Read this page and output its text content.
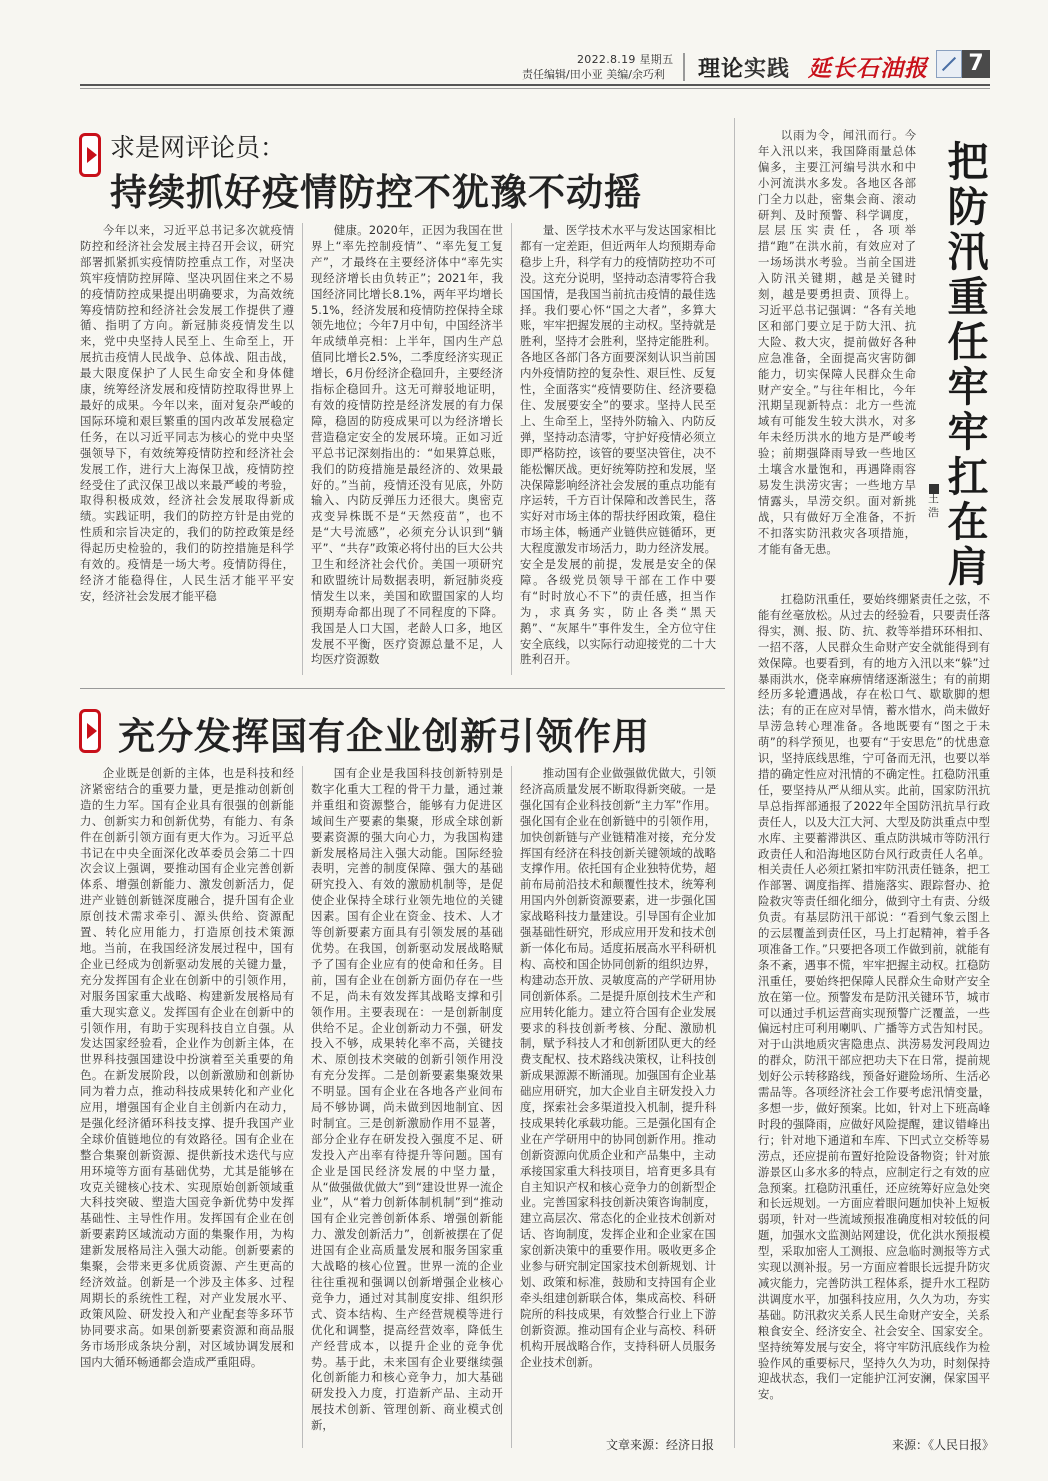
2022.8.19 星期五
责任编辑/田小亚 美编/余巧利 理论实践 延长石油报 7
求是网评论员：
持续抓好疫情防控不犹豫不动摇

今年以来，习近平总书记多次就疫情防控和经济社会发展主持召开会议，研究部署抓紧抓实疫情防控重点工作，对坚决筑牢疫情防控屏障、坚决巩固住来之不易的疫情防控成果提出明确要求，为高效统筹疫情防控和经济社会发展工作提供了遵循、指明了方向。新冠肺炎疫情发生以来，党中央坚持人民至上、生命至上，开展抗击疫情人民战争、总体战、阻击战，最大限度保护了人民生命安全和身体健康，统筹经济发展和疫情防控取得世界上最好的成果。今年以来，面对复杂严峻的国际环境和艰巨繁重的国内改革发展稳定任务，在以习近平同志为核心的党中央坚强领导下，有效统筹疫情防控和经济社会发展工作，进行大上海保卫战，疫情防控经受住了武汉保卫战以来最严峻的考验，取得积极成效，经济社会发展取得新成绩。实践证明，我们的防控方针是由党的性质和宗旨决定的，我们的防控政策是经得起历史检验的，我们的防控措施是科学有效的。疫情是一场大考。疫情防得住，经济才能稳得住，人民生活才能平平安安，经济社会发展才能平稳

健康。2020年，正因为我国在世界上“率先控制疫情”、“率先复工复产”，才最终在主要经济体中“率先实现经济增长由负转正”；2021年，我国经济同比增长8.1%，两年平均增长5.1%，经济发展和疫情防控保持全球领先地位；今年7月中旬，中国经济半年成绩单亮相：上半年，国内生产总值同比增长2.5%，二季度经济实现正增长，6月份经济企稳回升，主要经济指标企稳回升。这无可辩驳地证明，有效的疫情防控是经济发展的有力保障，稳固的防疫成果可以为经济增长营造稳定安全的发展环境。正如习近平总书记深刻指出的：“如果算总账，我们的防疫措施是最经济的、效果最好的。”当前，疫情还没有见底，外防输入、内防反弹压力还很大。奥密克戎变异株既不是“天然疫苗”，也不是“大号流感”，必须充分认识到“躺平”、“共存”政策必将付出的巨大公共卫生和经济社会代价。美国一项研究和欧盟统计局数据表明，新冠肺炎疫情发生以来，美国和欧盟国家的人均预期寿命都出现了不同程度的下降。我国是人口大国，老龄人口多，地区发展不平衡，医疗资源总量不足，人均医疗资源数

量、医学技术水平与发达国家相比都有一定差距，但近两年人均预期寿命稳步上升，科学有力的疫情防控功不可没。这充分说明，坚持动态清零符合我国国情，是我国当前抗击疫情的最佳选择。我们要心怀“国之大者”，多算大账，牢牢把握发展的主动权。坚持就是胜利，坚持才会胜利，坚持定能胜利。各地区各部门各方面要深刻认识当前国内外疫情防控的复杂性、艰巨性、反复性，全面落实“疫情要防住、经济要稳住、发展要安全”的要求。坚持人民至上、生命至上，坚持外防输入、内防反弹，坚持动态清零，守护好疫情必须立即严格防控，该管的要坚决管住，决不能松懈厌战。更好统筹防控和发展，坚决保障影响经济社会发展的重点功能有序运转，千方百计保障和改善民生，落实好对市场主体的帮扶纾困政策，稳住市场主体，畅通产业链供应链循环，更大程度激发市场活力，助力经济发展。安全是发展的前提，发展是安全的保障。各级党员领导干部在工作中要有“时时放心不下”的责任感，担当作为，求真务实，防止各类“黑天鹅”、“灰犀牛”事件发生，全方位守住安全底线，以实际行动迎接党的二十大胜利召开。

充分发挥国有企业创新引领作用

企业既是创新的主体，也是科技和经济紧密结合的重要力量，更是推动创新创造的生力军。国有企业具有很强的创新能力、创新实力和创新优势，有能力、有条件在创新引领方面有更大作为。习近平总书记在中央全面深化改革委员会第二十四次会议上强调，要推动国有企业完善创新体系、增强创新能力、激发创新活力，促进产业链创新链深度融合，提升国有企业原创技术需求牵引、源头供给、资源配置、转化应用能力，打造原创技术策源地。当前，在我国经济发展过程中，国有企业已经成为创新驱动发展的关键力量，充分发挥国有企业在创新中的引领作用，对服务国家重大战略、构建新发展格局有重大现实意义。发挥国有企业在创新中的引领作用，有助于实现科技自立自强。从发达国家经验看，企业作为创新主体，在世界科技强国建设中扮演着至关重要的角色。在新发展阶段，以创新激励和创新协同为着力点，推动科技成果转化和产业化应用，增强国有企业自主创新内在动力，是强化经济循环科技支撑、提升我国产业全球价值链地位的有效路径。国有企业在整合集聚创新资源、提供新技术迭代与应用环境等方面有基础优势，尤其是能够在攻克关键核心技术、实现原始创新领域重大科技突破、塑造大国竞争新优势中发挥基础性、主导性作用。发挥国有企业在创新要素跨区域流动方面的集聚作用，为构建新发展格局注入强大动能。创新要素的集聚，会带来更多优质资源、产生更高的经济效益。创新是一个涉及主体多、过程周期长的系统性工程，对产业发展水平、政策风险、研发投入和产业配套等多环节协同要求高。如果创新要素资源和商品服务市场形成条块分割，对区域协调发展和国内大循环畅通都会造成严重阻碍。

国有企业是我国科技创新特别是数字化重大工程的骨干力量，通过兼并重组和资源整合，能够有力促进区域间生产要素的集聚，形成全球创新要素资源的强大向心力，为我国构建新发展格局注入强大动能。国际经验表明，完善的制度保障、强大的基础研究投入、有效的激励机制等，是促使企业保持全球行业领先地位的关键因素。国有企业在资金、技术、人才等创新要素方面具有引领发展的基础优势。在我国，创新驱动发展战略赋予了国有企业应有的使命和任务。目前，国有企业在创新方面仍存在一些不足，尚未有效发挥其战略支撑和引领作用。主要表现在：一是创新制度供给不足。企业创新动力不强，研发投入不够，成果转化率不高，关键技术、原创技术突破的创新引领作用没有充分发挥。二是创新要素集聚效果不明显。国有企业在各地各产业间布局不够协调，尚未做到因地制宜、因时制宜。三是创新激励作用不显著，部分企业存在研发投入强度不足、研发投入产出率有待提升等问题。国有企业是国民经济发展的中坚力量，从“做强做优做大”到“建设世界一流企业”，从“着力创新体制机制”到“推动国有企业完善创新体系、增强创新能力、激发创新活力”，创新被摆在了促进国有企业高质量发展和服务国家重大战略的核心位置。世界一流的企业往往重视和强调以创新增强企业核心竞争力，通过对其制度安排、组织形式、资本结构、生产经营规模等进行优化和调整，提高经营效率，降低生产经营成本，以提升企业的竞争优势。基于此，未来国有企业要继续强化创新能力和核心竞争力，加大基础研发投入力度，打造新产品、主动开展技术创新、管理创新、商业模式创新，

推动国有企业做强做优做大，引领经济高质量发展不断取得新突破。一是强化国有企业科技创新“主力军”作用。强化国有企业在创新链中的引领作用，加快创新链与产业链精准对接，充分发挥国有经济在科技创新关键领域的战略支撑作用。依托国有企业独特优势，超前布局前沿技术和颠覆性技术，统筹利用国内外创新资源要素，进一步强化国家战略科技力量建设。引导国有企业加强基础性研究，形成应用开发和技术创新一体化布局。适度拓展高水平科研机构、高校和国企协同创新的组织边界，构建动态开放、灵敏度高的产学研用协同创新体系。二是提升原创技术生产和应用转化能力。建立符合国有企业发展要求的科技创新考核、分配、激励机制，赋予科技人才和创新团队更大的经费支配权、技术路线决策权，让科技创新成果源源不断涌现。加强国有企业基础应用研究，加大企业自主研发投入力度，探索社会多渠道投入机制，提升科技成果转化承载功能。三是强化国有企业在产学研用中的协同创新作用。推动创新资源向优质企业和产品集中，主动承接国家重大科技项目，培育更多具有自主知识产权和核心竞争力的创新型企业。完善国家科技创新决策咨询制度，建立高层次、常态化的企业技术创新对话、咨询制度，发挥企业和企业家在国家创新决策中的重要作用。吸收更多企业参与研究制定国家技术创新规划、计划、政策和标准，鼓励和支持国有企业牵头组建创新联合体，集成高校、科研院所的科技成果，有效整合行业上下游创新资源。推动国有企业与高校、科研机构开展战略合作，支持科研人员服务企业技术创新。

文章来源：经济日报
把防汛重任牢牢扛在肩
王浩

以雨为令，闻汛而行。今年入汛以来，我国降雨量总体偏多，主要江河编号洪水和中小河流洪水多发。各地区各部门全力以赴，密集会商、滚动研判、及时预警、科学调度，层层压实责任，各项举措“跑”在洪水前，有效应对了一场场洪水考验。当前全国进入防汛关键期，越是关键时刻，越是要勇担责、顶得上。习近平总书记强调：“各有关地区和部门要立足于防大汛、抗大险、救大灾，提前做好各种应急准备，全面提高灾害防御能力，切实保障人民群众生命财产安全。”与往年相比，今年汛期呈现新特点：北方一些流域有可能发生较大洪水，对多年未经历洪水的地方是严峻考验；前期强降雨导致一些地区土壤含水量饱和，再遇降雨容易发生洪涝灾害；一些地方旱情露头，旱涝交织。面对新挑战，只有做好万全准备，不折不扣落实防汛救灾各项措施，才能有备无患。

扛稳防汛重任，要始终绷紧责任之弦，不能有丝毫放松。从过去的经验看，只要责任落得实，测、报、防、抗、救等举措环环相扣、一招不落，人民群众生命财产安全就能得到有效保障。也要看到，有的地方入汛以来“躲”过暴雨洪水，侥幸麻痹情绪逐渐滋生；有的前期经历多轮遭遇战，存在松口气、歇歇脚的想法；有的正在应对旱情，蓄水惜水，尚未做好旱涝急转心理准备。各地既要有“图之于未萌”的科学预见，也要有“于安思危”的忧患意识，坚持底线思维，宁可备而无汛，也要以举措的确定性应对汛情的不确定性。扛稳防汛重任，要坚持从严从细从实。此前，国家防汛抗旱总指挥部通报了2022年全国防汛抗旱行政责任人，以及大江大河、大型及防洪重点中型水库、主要蓄滞洪区、重点防洪城市等防汛行政责任人和沿海地区防台风行政责任人名单。相关责任人必须扛紧扣牢防汛责任链条，把工作部署、调度指挥、措施落实、跟踪督办、抢险救灾等责任细化细分，做到守土有责、分级负责。有基层防汛干部说：“看到气象云图上的云层覆盖到责任区，马上打起精神，着手各项准备工作。”只要把各项工作做到前，就能有条不紊，遇事不慌，牢牢把握主动权。扛稳防汛重任，要始终把保障人民群众生命财产安全放在第一位。预警发布是防汛关键环节，城市可以通过手机运营商实现预警广泛覆盖，一些偏远村庄可利用喇叭、广播等方式告知村民。对于山洪地质灾害隐患点、洪涝易发河段周边的群众，防汛干部应把功夫下在日常，提前规划好公示转移路线，预备好避险场所、生活必需品等。各项经济社会工作要考虑汛情变量，多想一步，做好预案。比如，针对上下班高峰时段的强降雨，应做好风险提醒，建议错峰出行；针对地下通道和车库、下凹式立交桥等易涝点，还应提前布置好抢险设备物资；针对旅游景区山多水多的特点，应制定行之有效的应急预案。扛稳防汛重任，还应统筹好应急处突和长远规划。一方面应着眼问题加快补上短板弱项，针对一些流域预报准确度相对较低的问题，加强水文监测站网建设，优化洪水预报模型，采取加密人工测报、应急临时测报等方式实现以测补报。另一方面应着眼长远提升防灾减灾能力，完善防洪工程体系，提升水工程防洪调度水平，加强科技应用，久久为功，夯实基础。防汛救灾关系人民生命财产安全，关系粮食安全、经济安全、社会安全、国家安全。坚持统筹发展与安全，将守牢防汛底线作为检验作风的重要标尺，坚持久久为功，时刻保持迎战状态，我们一定能护江河安澜，保家国平安。

来源：《人民日报》
